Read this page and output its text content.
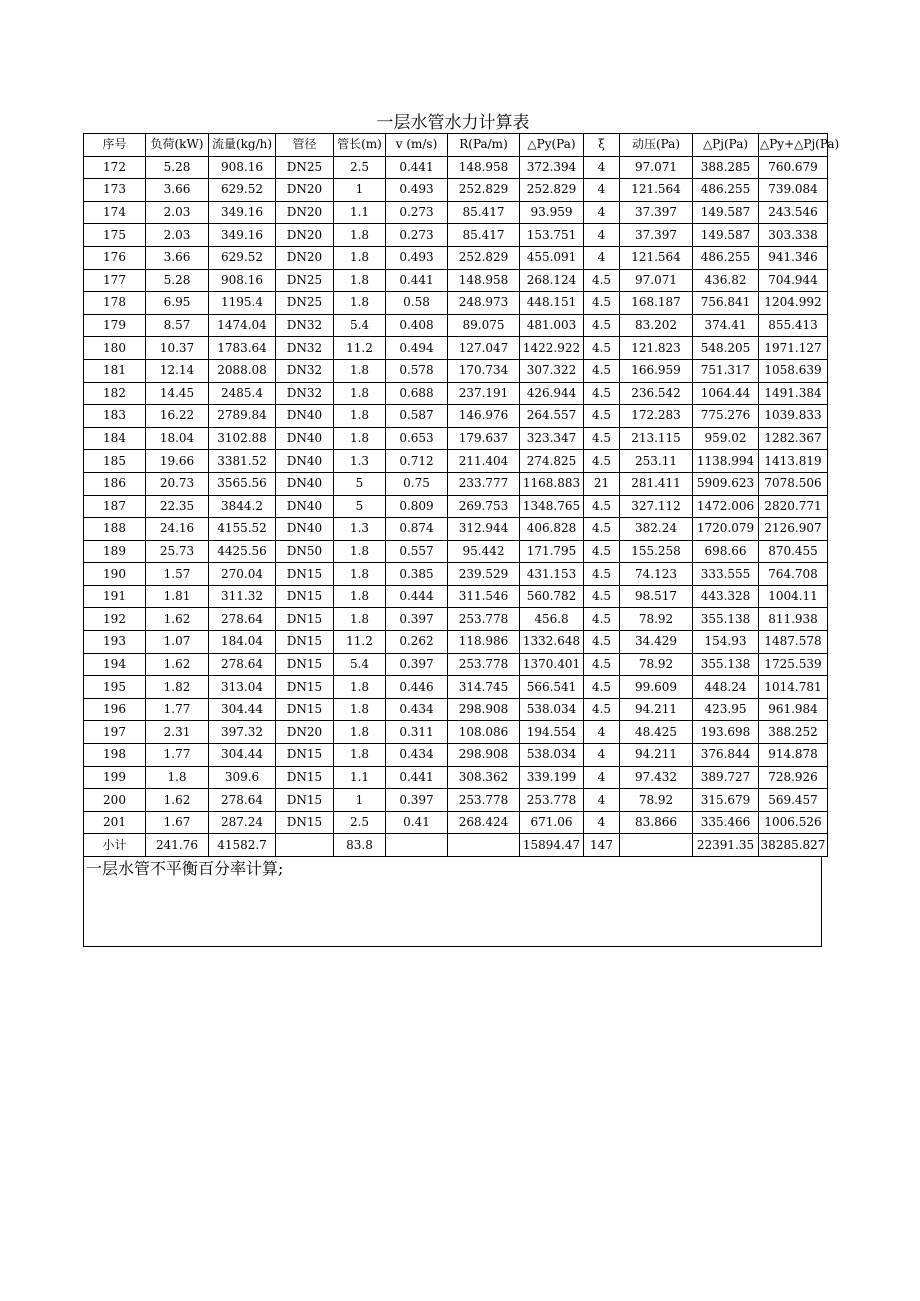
一层水管水力计算表
序号	负荷(kW)	流量(kg/h)	管径	管长(m)	v (m/s)	R(Pa/m)	△Py(Pa)	ξ	动压(Pa)	△Pj(Pa)	△Py+△Pj(Pa)
172	5.28	908.16	DN25	2.5	0.441	148.958	372.394	4	97.071	388.285	760.679
173	3.66	629.52	DN20	1	0.493	252.829	252.829	4	121.564	486.255	739.084
174	2.03	349.16	DN20	1.1	0.273	85.417	93.959	4	37.397	149.587	243.546
175	2.03	349.16	DN20	1.8	0.273	85.417	153.751	4	37.397	149.587	303.338
176	3.66	629.52	DN20	1.8	0.493	252.829	455.091	4	121.564	486.255	941.346
177	5.28	908.16	DN25	1.8	0.441	148.958	268.124	4.5	97.071	436.82	704.944
178	6.95	1195.4	DN25	1.8	0.58	248.973	448.151	4.5	168.187	756.841	1204.992
179	8.57	1474.04	DN32	5.4	0.408	89.075	481.003	4.5	83.202	374.41	855.413
180	10.37	1783.64	DN32	11.2	0.494	127.047	1422.922	4.5	121.823	548.205	1971.127
181	12.14	2088.08	DN32	1.8	0.578	170.734	307.322	4.5	166.959	751.317	1058.639
182	14.45	2485.4	DN32	1.8	0.688	237.191	426.944	4.5	236.542	1064.44	1491.384
183	16.22	2789.84	DN40	1.8	0.587	146.976	264.557	4.5	172.283	775.276	1039.833
184	18.04	3102.88	DN40	1.8	0.653	179.637	323.347	4.5	213.115	959.02	1282.367
185	19.66	3381.52	DN40	1.3	0.712	211.404	274.825	4.5	253.11	1138.994	1413.819
186	20.73	3565.56	DN40	5	0.75	233.777	1168.883	21	281.411	5909.623	7078.506
187	22.35	3844.2	DN40	5	0.809	269.753	1348.765	4.5	327.112	1472.006	2820.771
188	24.16	4155.52	DN40	1.3	0.874	312.944	406.828	4.5	382.24	1720.079	2126.907
189	25.73	4425.56	DN50	1.8	0.557	95.442	171.795	4.5	155.258	698.66	870.455
190	1.57	270.04	DN15	1.8	0.385	239.529	431.153	4.5	74.123	333.555	764.708
191	1.81	311.32	DN15	1.8	0.444	311.546	560.782	4.5	98.517	443.328	1004.11
192	1.62	278.64	DN15	1.8	0.397	253.778	456.8	4.5	78.92	355.138	811.938
193	1.07	184.04	DN15	11.2	0.262	118.986	1332.648	4.5	34.429	154.93	1487.578
194	1.62	278.64	DN15	5.4	0.397	253.778	1370.401	4.5	78.92	355.138	1725.539
195	1.82	313.04	DN15	1.8	0.446	314.745	566.541	4.5	99.609	448.24	1014.781
196	1.77	304.44	DN15	1.8	0.434	298.908	538.034	4.5	94.211	423.95	961.984
197	2.31	397.32	DN20	1.8	0.311	108.086	194.554	4	48.425	193.698	388.252
198	1.77	304.44	DN15	1.8	0.434	298.908	538.034	4	94.211	376.844	914.878
199	1.8	309.6	DN15	1.1	0.441	308.362	339.199	4	97.432	389.727	728.926
200	1.62	278.64	DN15	1	0.397	253.778	253.778	4	78.92	315.679	569.457
201	1.67	287.24	DN15	2.5	0.41	268.424	671.06	4	83.866	335.466	1006.526
小计	241.76	41582.7		83.8			15894.47	147		22391.35	38285.827
一层水管不平衡百分率计算;
